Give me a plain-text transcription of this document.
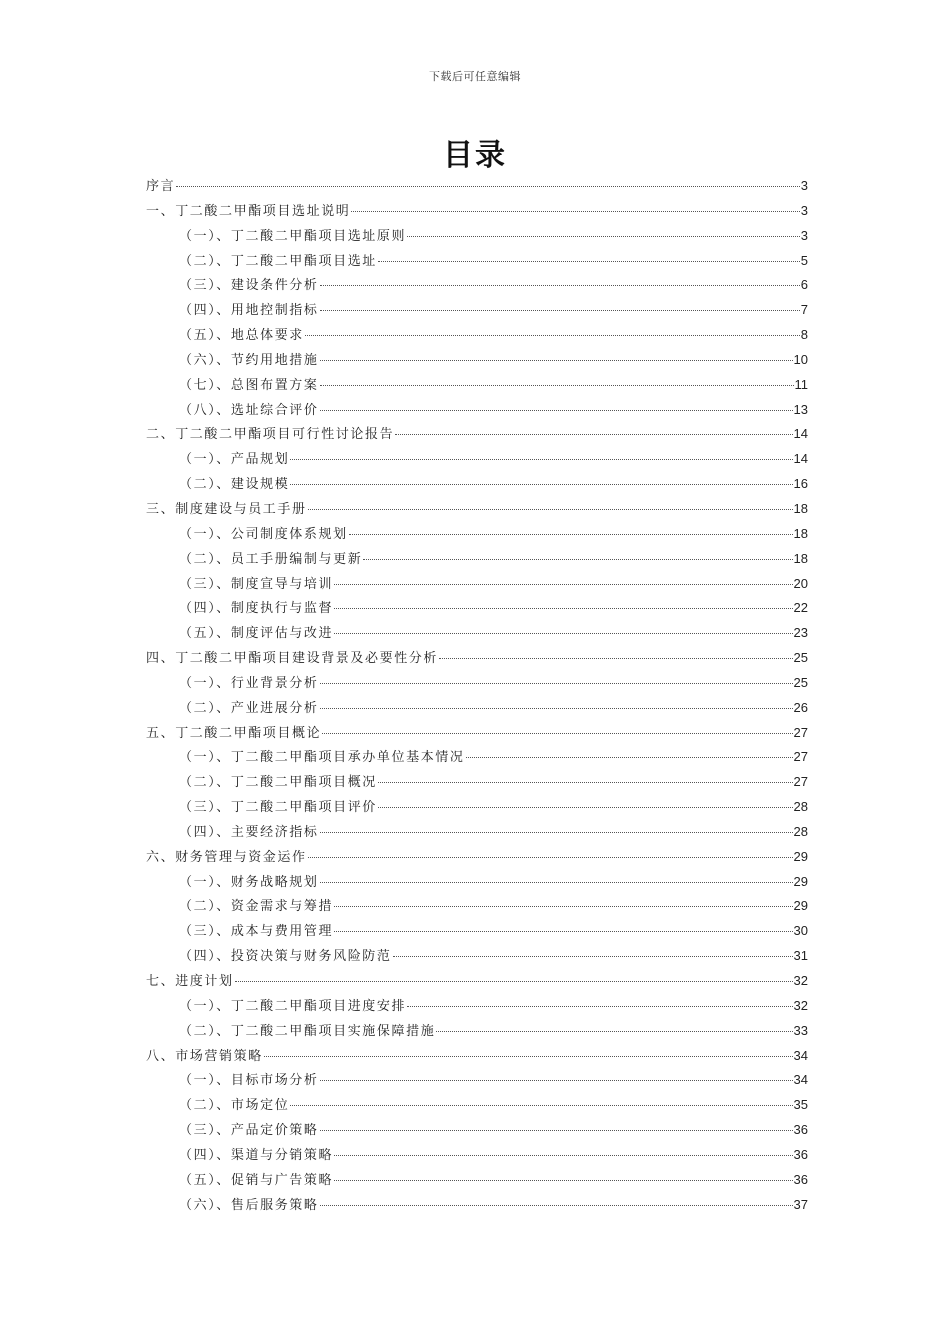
下载后可任意编辑
目录
序言	3
一、丁二酸二甲酯项目选址说明	3
（一）、丁二酸二甲酯项目选址原则	3
（二）、丁二酸二甲酯项目选址	5
（三）、建设条件分析	6
（四）、用地控制指标	7
（五）、地总体要求	8
（六）、节约用地措施	10
（七）、总图布置方案	11
（八）、选址综合评价	13
二、丁二酸二甲酯项目可行性讨论报告	14
（一）、产品规划	14
（二）、建设规模	16
三、制度建设与员工手册	18
（一）、公司制度体系规划	18
（二）、员工手册编制与更新	18
（三）、制度宣导与培训	20
（四）、制度执行与监督	22
（五）、制度评估与改进	23
四、丁二酸二甲酯项目建设背景及必要性分析	25
（一）、行业背景分析	25
（二）、产业进展分析	26
五、丁二酸二甲酯项目概论	27
（一）、丁二酸二甲酯项目承办单位基本情况	27
（二）、丁二酸二甲酯项目概况	27
（三）、丁二酸二甲酯项目评价	28
（四）、主要经济指标	28
六、财务管理与资金运作	29
（一）、财务战略规划	29
（二）、资金需求与筹措	29
（三）、成本与费用管理	30
（四）、投资决策与财务风险防范	31
七、进度计划	32
（一）、丁二酸二甲酯项目进度安排	32
（二）、丁二酸二甲酯项目实施保障措施	33
八、市场营销策略	34
（一）、目标市场分析	34
（二）、市场定位	35
（三）、产品定价策略	36
（四）、渠道与分销策略	36
（五）、促销与广告策略	36
（六）、售后服务策略	37
